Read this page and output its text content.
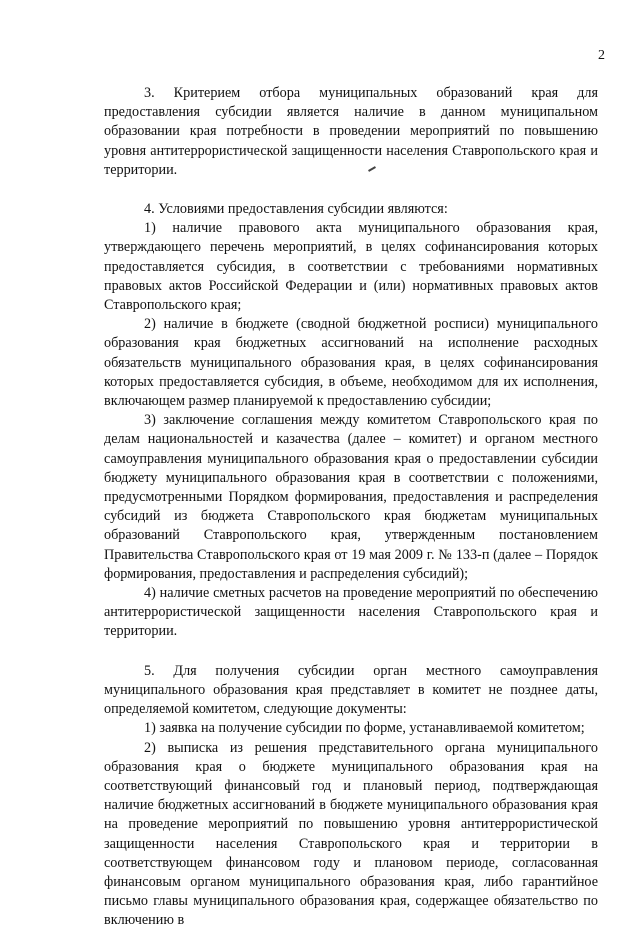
2

3. Критерием отбора муниципальных образований края для предоставления субсидии является наличие в данном муниципальном образовании края потребности в проведении мероприятий по повышению уровня антитеррористической защищенности населения Ставропольского края и территории.

4. Условиями предоставления субсидии являются:

1) наличие правового акта муниципального образования края, утверждающего перечень мероприятий, в целях софинансирования которых предоставляется субсидия, в соответствии с требованиями нормативных правовых актов Российской Федерации и (или) нормативных правовых актов Ставропольского края;

2) наличие в бюджете (сводной бюджетной росписи) муниципального образования края бюджетных ассигнований на исполнение расходных обязательств муниципального образования края, в целях софинансирования которых предоставляется субсидия, в объеме, необходимом для их исполнения, включающем размер планируемой к предоставлению субсидии;

3) заключение соглашения между комитетом Ставропольского края по делам национальностей и казачества (далее – комитет) и органом местного самоуправления муниципального образования края о предоставлении субсидии бюджету муниципального образования края в соответствии с положениями, предусмотренными Порядком формирования, предоставления и распределения субсидий из бюджета Ставропольского края бюджетам муниципальных образований Ставропольского края, утвержденным постановлением Правительства Ставропольского края от 19 мая 2009 г. № 133-п (далее – Порядок формирования, предоставления и распределения субсидий);

4) наличие сметных расчетов на проведение мероприятий по обеспечению антитеррористической защищенности населения Ставропольского края и территории.

5. Для получения субсидии орган местного самоуправления муниципального образования края представляет в комитет не позднее даты, определяемой комитетом, следующие документы:

1) заявка на получение субсидии по форме, устанавливаемой комитетом;

2) выписка из решения представительного органа муниципального образования края о бюджете муниципального образования края на соответствующий финансовый год и плановый период, подтверждающая наличие бюджетных ассигнований в бюджете муниципального образования края на проведение мероприятий по повышению уровня антитеррористической защищенности населения Ставропольского края и территории в соответствующем финансовом году и плановом периоде, согласованная финансовым органом муниципального образования края, либо гарантийное письмо главы муниципального образования края, содержащее обязательство по включению в
